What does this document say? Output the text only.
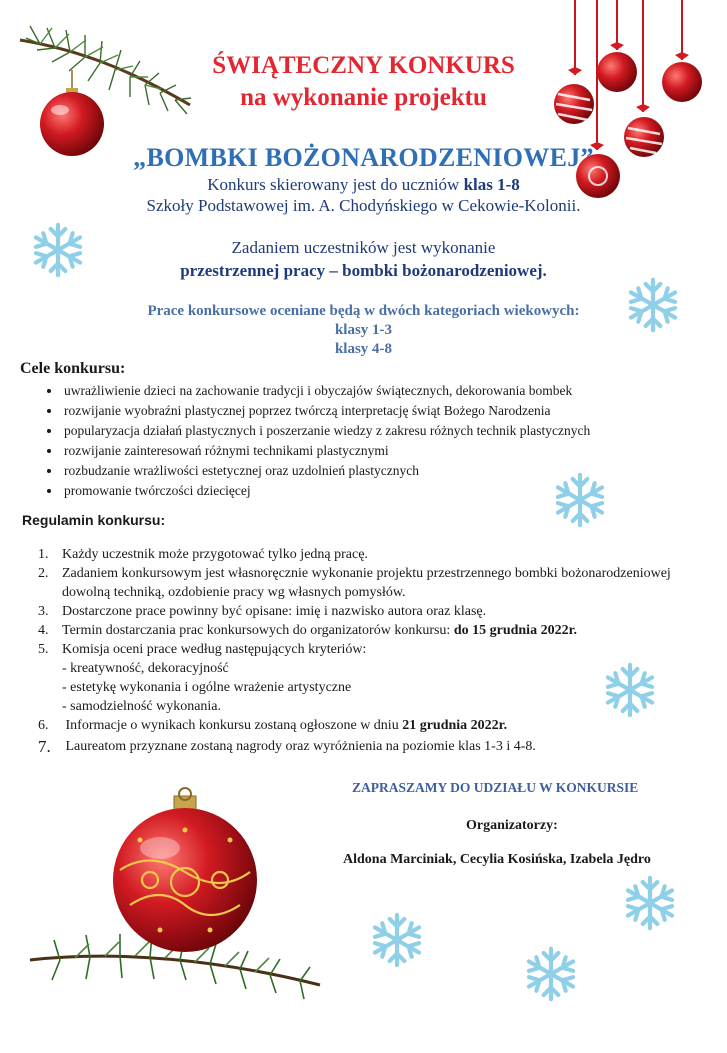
ŚWIĄTECZNY KONKURS
na wykonanie projektu
„BOMBKI BOŻONARODZENIOWEJ”
Konkurs skierowany jest do uczniów klas 1-8
Szkoły Podstawowej im. A. Chodyńskiego w Cekowie-Kolonii.
Zadaniem uczestników jest wykonanie
przestrzennej pracy – bombki bożonarodzeniowej.
Prace konkursowe oceniane będą w dwóch kategoriach wiekowych:
klasy 1-3
klasy 4-8
Cele konkursu:
• uwrażliwienie dzieci na zachowanie tradycji i obyczajów świątecznych, dekorowania bombek
• rozwijanie wyobraźni plastycznej poprzez twórczą interpretację świąt Bożego Narodzenia
• popularyzacja działań plastycznych i poszerzanie wiedzy z zakresu różnych technik plastycznych
• rozwijanie zainteresowań różnymi technikami plastycznymi
• rozbudzanie wrażliwości estetycznej oraz uzdolnień plastycznych
• promowanie twórczości dziecięcej
Regulamin konkursu:
1. Każdy uczestnik może przygotować tylko jedną pracę.
2. Zadaniem konkursowym jest własnoręcznie wykonanie projektu przestrzennego bombki bożonarodzeniowej dowolną techniką, ozdobienie pracy wg własnych pomysłów.
3. Dostarczone prace powinny być opisane: imię i nazwisko autora oraz klasę.
4. Termin dostarczania prac konkursowych do organizatorów konkursu: do 15 grudnia 2022r.
5. Komisja oceni prace według następujących kryteriów:
- kreatywność, dekoracyjność
- estetykę wykonania i ogólne wrażenie artystyczne
- samodzielność wykonania.
6.	Informacje o wynikach konkursu zostaną ogłoszone w dniu 21 grudnia 2022r.
7.	Laureatom przyznane zostaną nagrody oraz wyróżnienia na poziomie klas 1-3 i 4-8.
ZAPRASZAMY DO UDZIAŁU W KONKURSIE
Organizatorzy:
Aldona Marciniak, Cecylia Kosińska, Izabela Jędro
